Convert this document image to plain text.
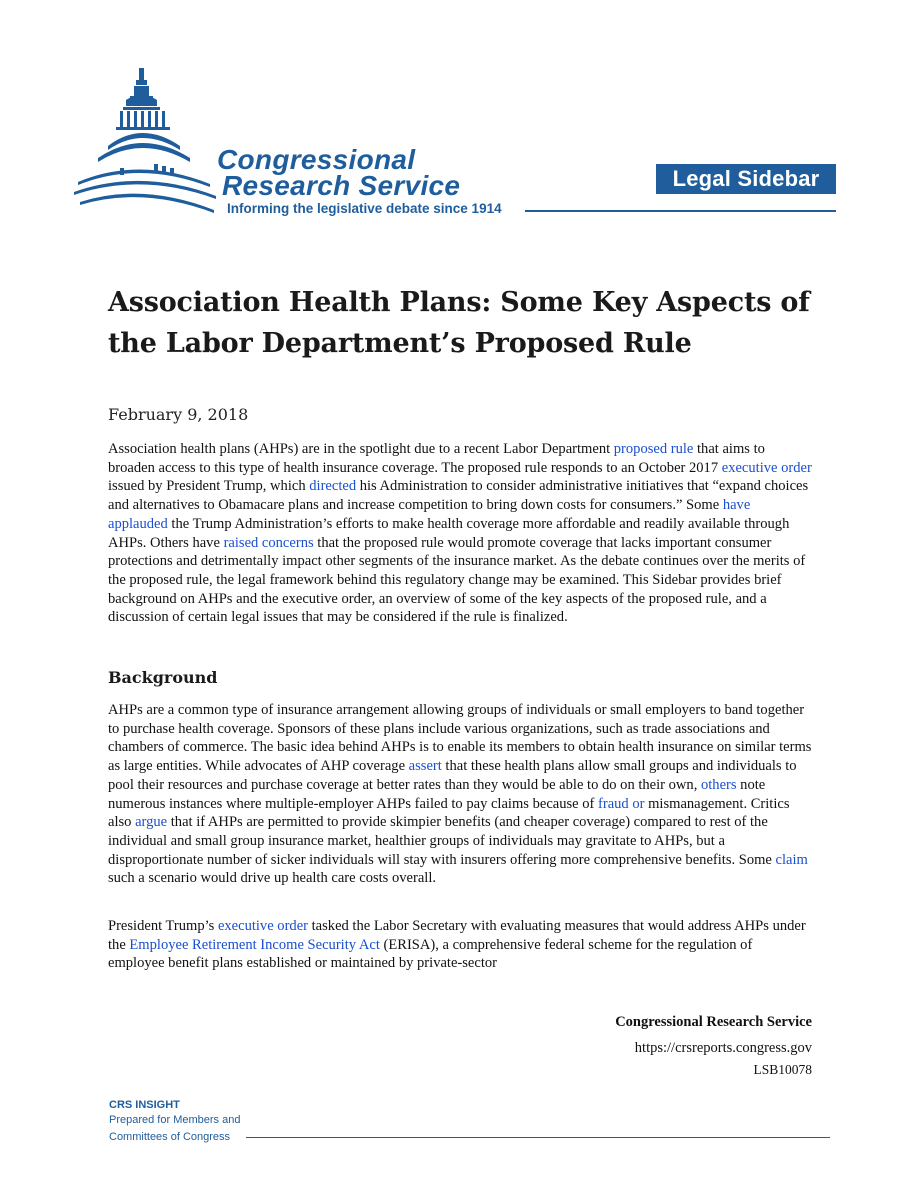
Congressional
Research Service
Informing the legislative debate since 1914
Legal Sidebar
Association Health Plans: Some Key Aspects of the Labor Department’s Proposed Rule
February 9, 2018

Association health plans (AHPs) are in the spotlight due to a recent Labor Department proposed rule that aims to broaden access to this type of health insurance coverage. The proposed rule responds to an October 2017 executive order issued by President Trump, which directed his Administration to consider administrative initiatives that “expand choices and alternatives to Obamacare plans and increase competition to bring down costs for consumers.” Some have applauded the Trump Administration’s efforts to make health coverage more affordable and readily available through AHPs. Others have raised concerns that the proposed rule would promote coverage that lacks important consumer protections and detrimentally impact other segments of the insurance market. As the debate continues over the merits of the proposed rule, the legal framework behind this regulatory change may be examined. This Sidebar provides brief background on AHPs and the executive order, an overview of some of the key aspects of the proposed rule, and a discussion of certain legal issues that may be considered if the rule is finalized.

Background

AHPs are a common type of insurance arrangement allowing groups of individuals or small employers to band together to purchase health coverage. Sponsors of these plans include various organizations, such as trade associations and chambers of commerce. The basic idea behind AHPs is to enable its members to obtain health insurance on similar terms as large entities. While advocates of AHP coverage assert that these health plans allow small groups and individuals to pool their resources and purchase coverage at better rates than they would be able to do on their own, others note numerous instances where multiple-employer AHPs failed to pay claims because of fraud or mismanagement. Critics also argue that if AHPs are permitted to provide skimpier benefits (and cheaper coverage) compared to rest of the individual and small group insurance market, healthier groups of individuals may gravitate to AHPs, but a disproportionate number of sicker individuals will stay with insurers offering more comprehensive benefits. Some claim such a scenario would drive up health care costs overall.

President Trump’s executive order tasked the Labor Secretary with evaluating measures that would address AHPs under the Employee Retirement Income Security Act (ERISA), a comprehensive federal scheme for the regulation of employee benefit plans established or maintained by private-sector

Congressional Research Service
https://crsreports.congress.gov
LSB10078
CRS INSIGHT
Prepared for Members and
Committees of Congress
